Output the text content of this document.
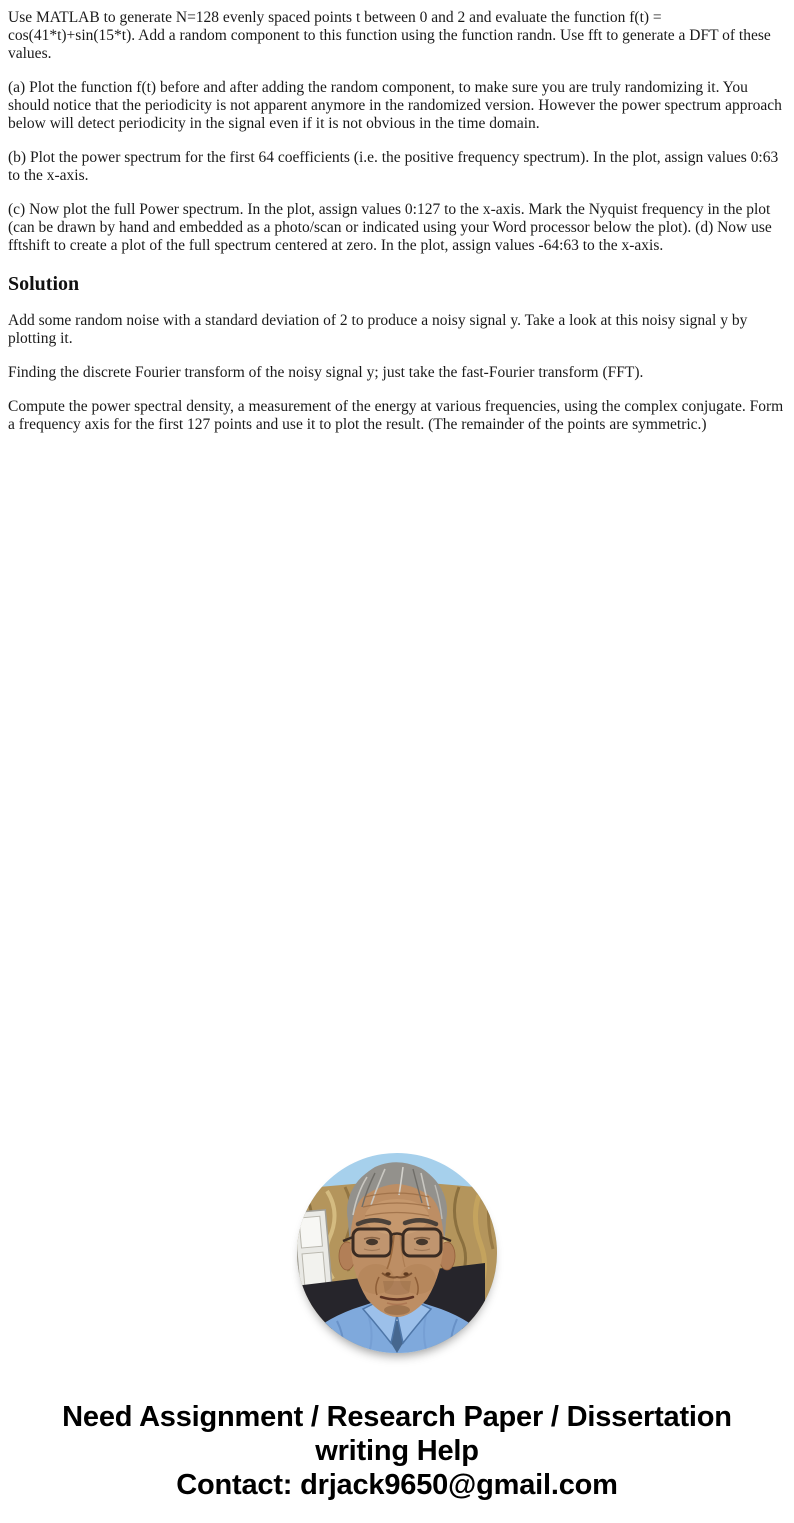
Use MATLAB to generate N=128 evenly spaced points t between 0 and 2 and evaluate the function f(t) = cos(41*t)+sin(15*t). Add a random component to this function using the function randn. Use fft to generate a DFT of these values.

(a) Plot the function f(t) before and after adding the random component, to make sure you are truly randomizing it. You should notice that the periodicity is not apparent anymore in the randomized version. However the power spectrum approach below will detect periodicity in the signal even if it is not obvious in the time domain.

(b) Plot the power spectrum for the first 64 coefficients (i.e. the positive frequency spectrum). In the plot, assign values 0:63 to the x-axis.

(c) Now plot the full Power spectrum. In the plot, assign values 0:127 to the x-axis. Mark the Nyquist frequency in the plot (can be drawn by hand and embedded as a photo/scan or indicated using your Word processor below the plot). (d) Now use fftshift to create a plot of the full spectrum centered at zero. In the plot, assign values -64:63 to the x-axis.

Solution

Add some random noise with a standard deviation of 2 to produce a noisy signal y. Take a look at this noisy signal y by plotting it.

Finding the discrete Fourier transform of the noisy signal y; just take the fast-Fourier transform (FFT).

Compute the power spectral density, a measurement of the energy at various frequencies, using the complex conjugate. Form a frequency axis for the first 127 points and use it to plot the result. (The remainder of the points are symmetric.)

Need Assignment / Research Paper / Dissertation writing Help
Contact: drjack9650@gmail.com
